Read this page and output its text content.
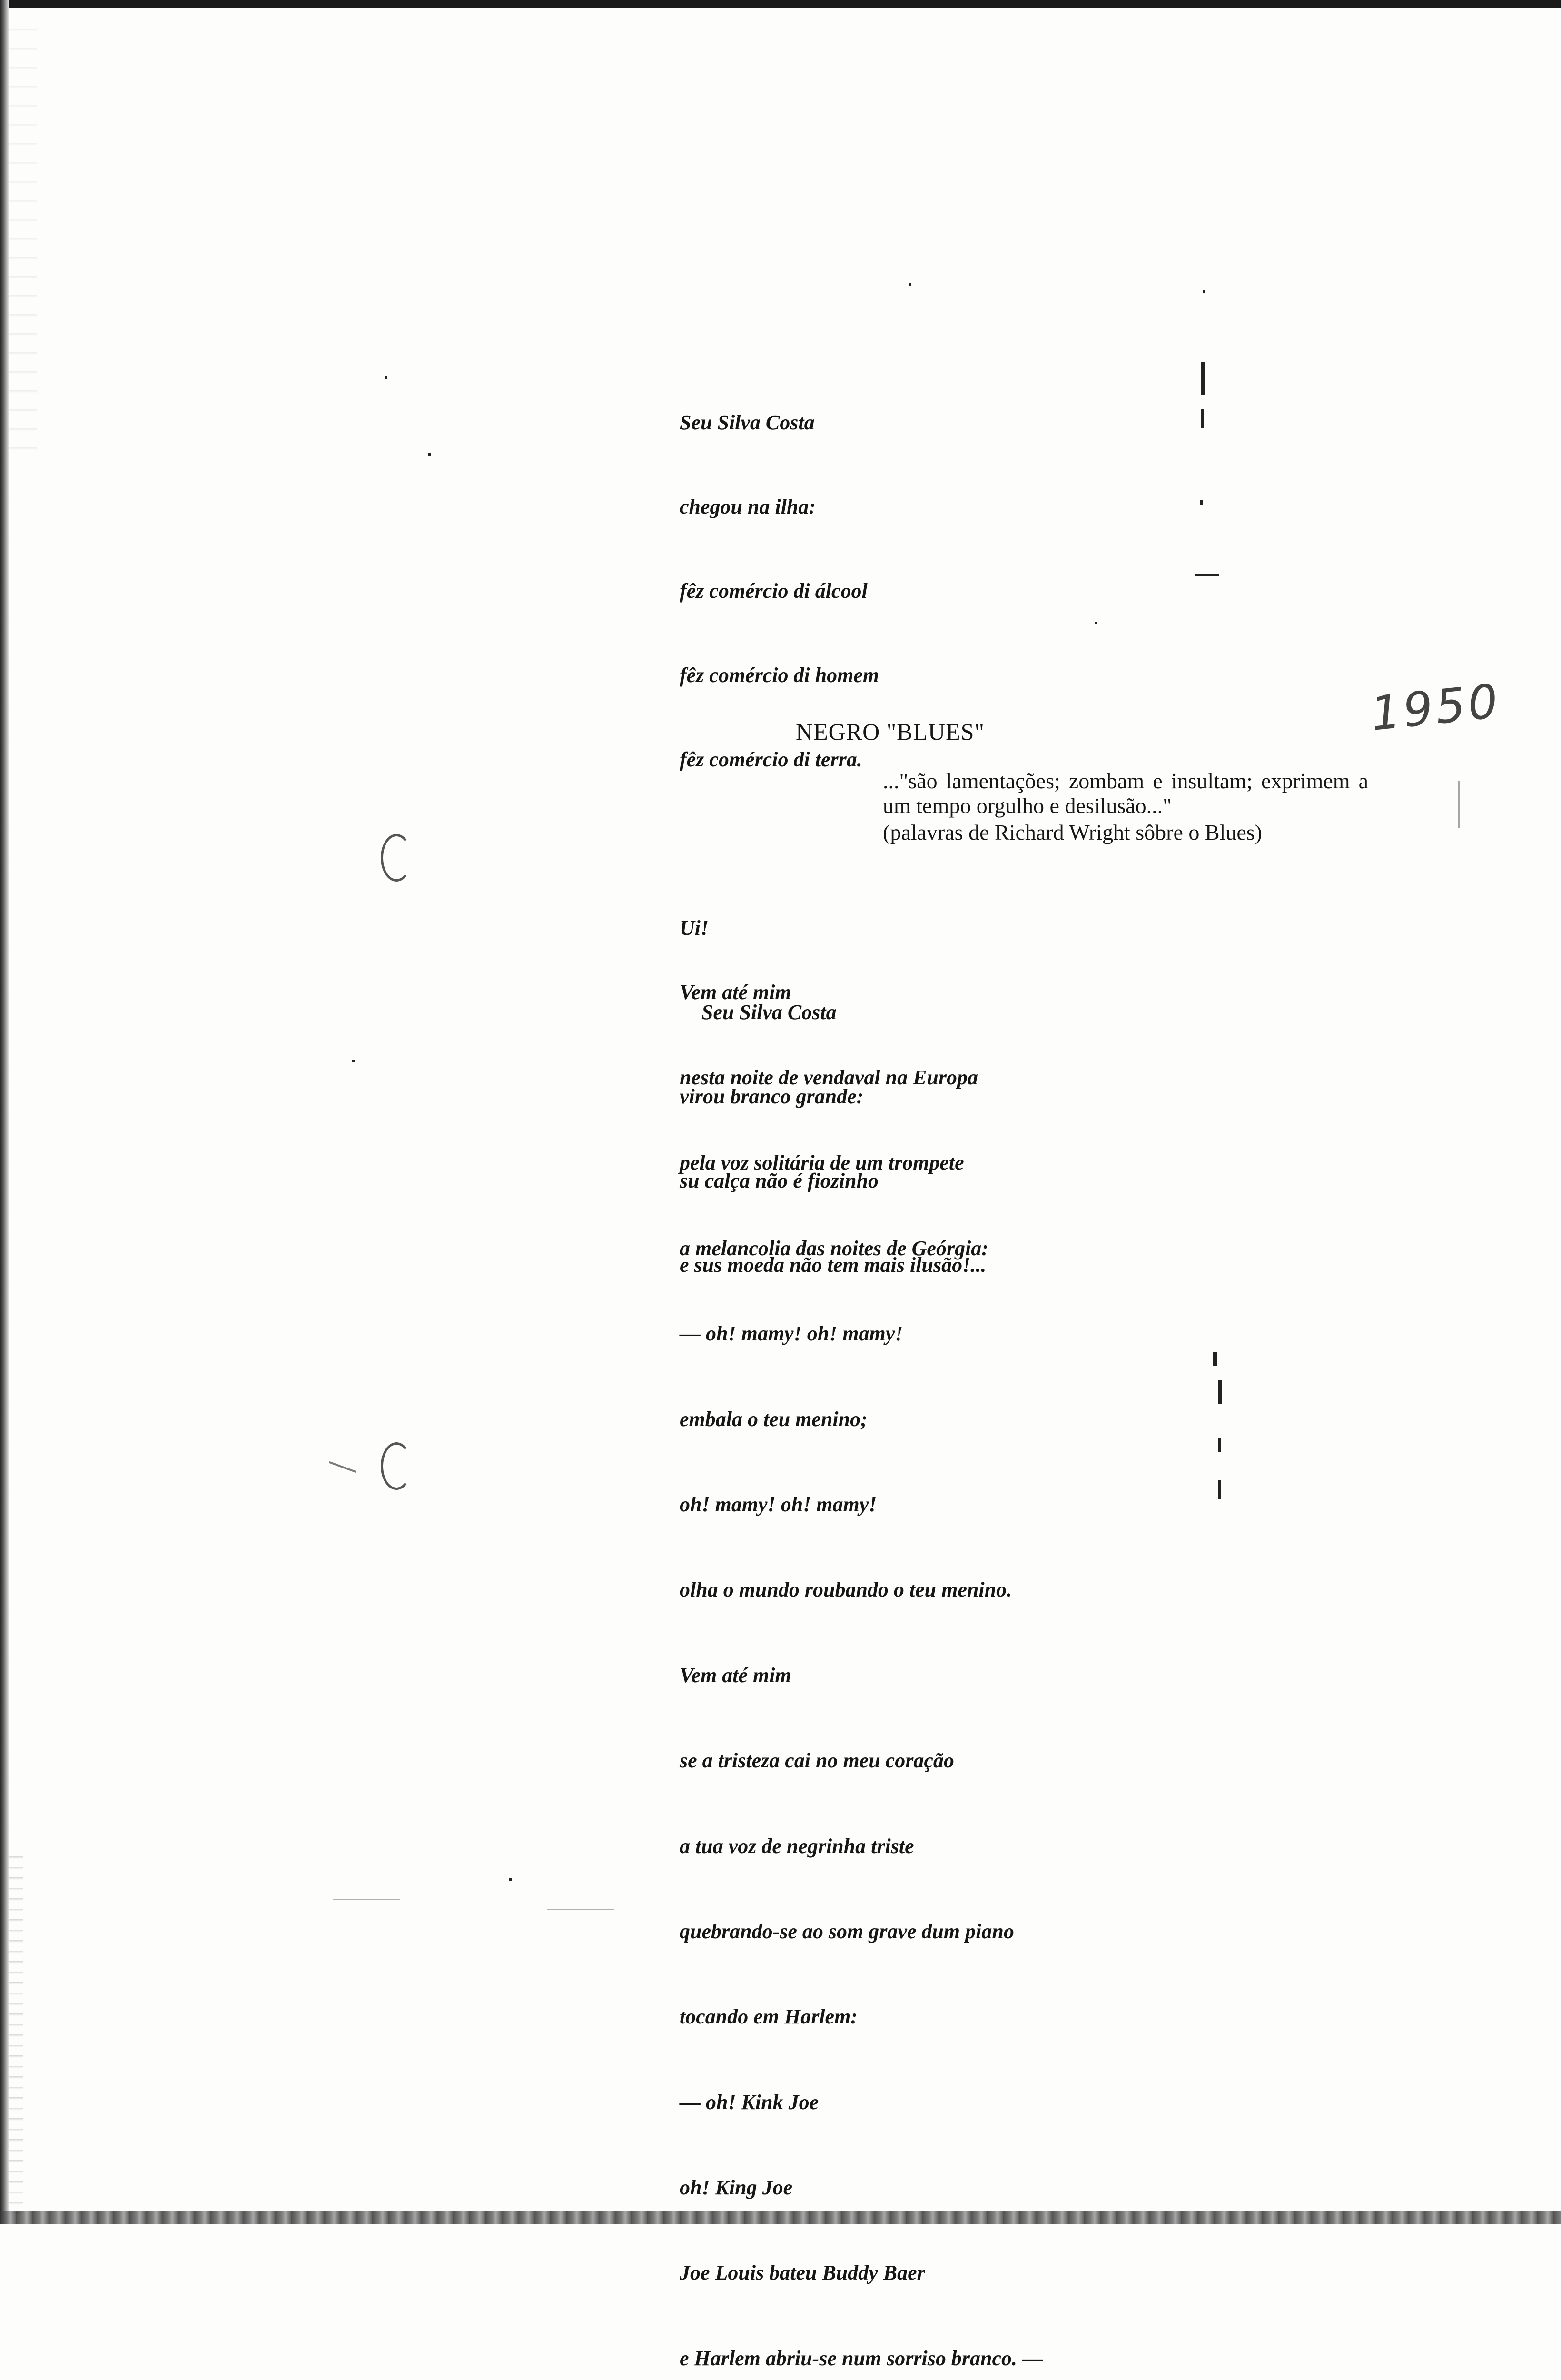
Seu Silva Costa

chegou na ilha:

fêz comércio di álcool

fêz comércio di homem

fêz comércio di terra.

Ui!

Seu Silva Costa

virou branco grande:

su calça não é fiozinho

e sus moeda não tem mais ilusão!...

1950
NEGRO "BLUES"
..."são lamentações; zombam e insultam; exprimem a um tempo orgulho e desilusão..."
(palavras de Richard Wright sôbre o Blues)

Vem até mim

nesta noite de vendaval na Europa

pela voz solitária de um trompete

a melancolia das noites de Geórgia:

— oh! mamy! oh! mamy!

embala o teu menino;

oh! mamy! oh! mamy!

olha o mundo roubando o teu menino.

Vem até mim

se a tristeza cai no meu coração

a tua voz de negrinha triste

quebrando-se ao som grave dum piano

tocando em Harlem:

— oh! Kink Joe

oh! King Joe

Joe Louis bateu Buddy Baer

e Harlem abriu-se num sorriso branco. —
